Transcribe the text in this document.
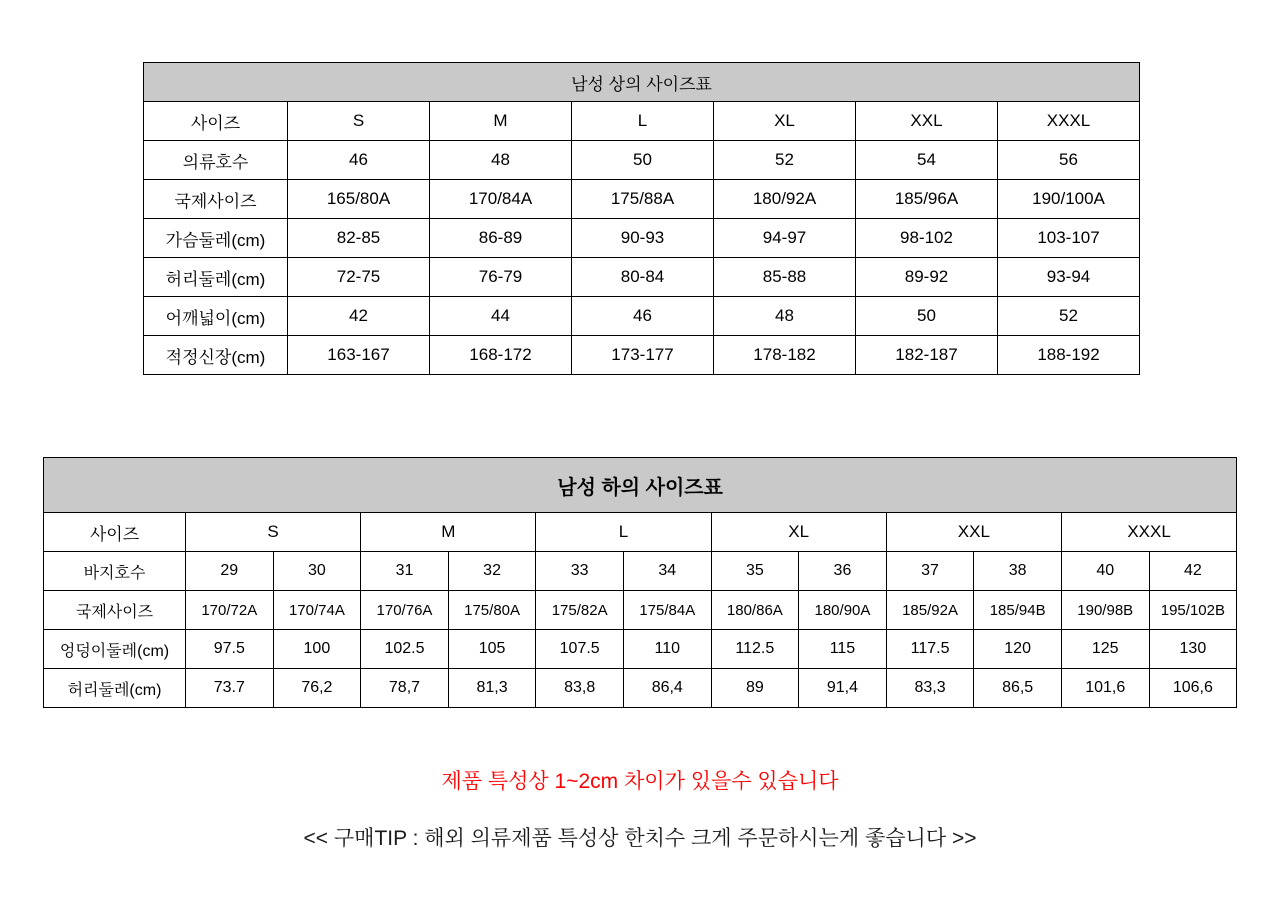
남성 상의 사이즈표						
사이즈	S	M	L	XL	XXL	XXXL
의류호수	46	48	50	52	54	56
국제사이즈	165/80A	170/84A	175/88A	180/92A	185/96A	190/100A
가슴둘레(cm)	82-85	86-89	90-93	94-97	98-102	103-107
허리둘레(cm)	72-75	76-79	80-84	85-88	89-92	93-94
어깨넓이(cm)	42	44	46	48	50	52
적정신장(cm)	163-167	168-172	173-177	178-182	182-187	188-192
남성 하의 사이즈표												
사이즈	S		M		L		XL		XXL		XXXL	
바지호수	29	30	31	32	33	34	35	36	37	38	40	42
국제사이즈	170/72A	170/74A	170/76A	175/80A	175/82A	175/84A	180/86A	180/90A	185/92A	185/94B	190/98B	195/102B
엉덩이둘레(cm)	97.5	100	102.5	105	107.5	110	112.5	115	117.5	120	125	130
허리둘레(cm)	73.7	76,2	78,7	81,3	83,8	86,4	89	91,4	83,3	86,5	101,6	106,6
제품 특성상 1~2cm 차이가 있을수 있습니다
<< 구매TIP : 해외 의류제품 특성상 한치수 크게 주문하시는게 좋습니다 >>
